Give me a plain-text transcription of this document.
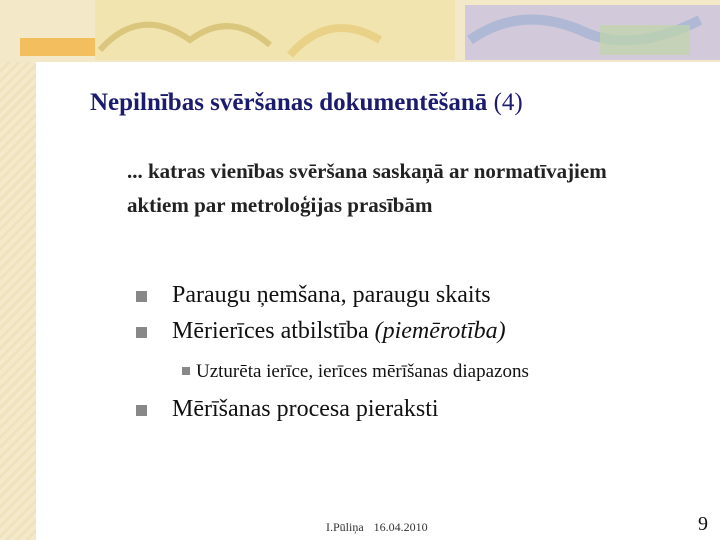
Nepilnības svēršanas dokumentēšanā (4)
... katras vienības svēršana saskaņā ar normatīvajiem aktiem par metroloģijas prasībām
Paraugu ņemšana, paraugu skaits
Mērierīces atbilstība (piemērotība)
Uzturēta ierīce, ierīces mērīšanas diapazons
Mērīšanas procesa pieraksti
I.Pūliņa 16.04.2010	9
